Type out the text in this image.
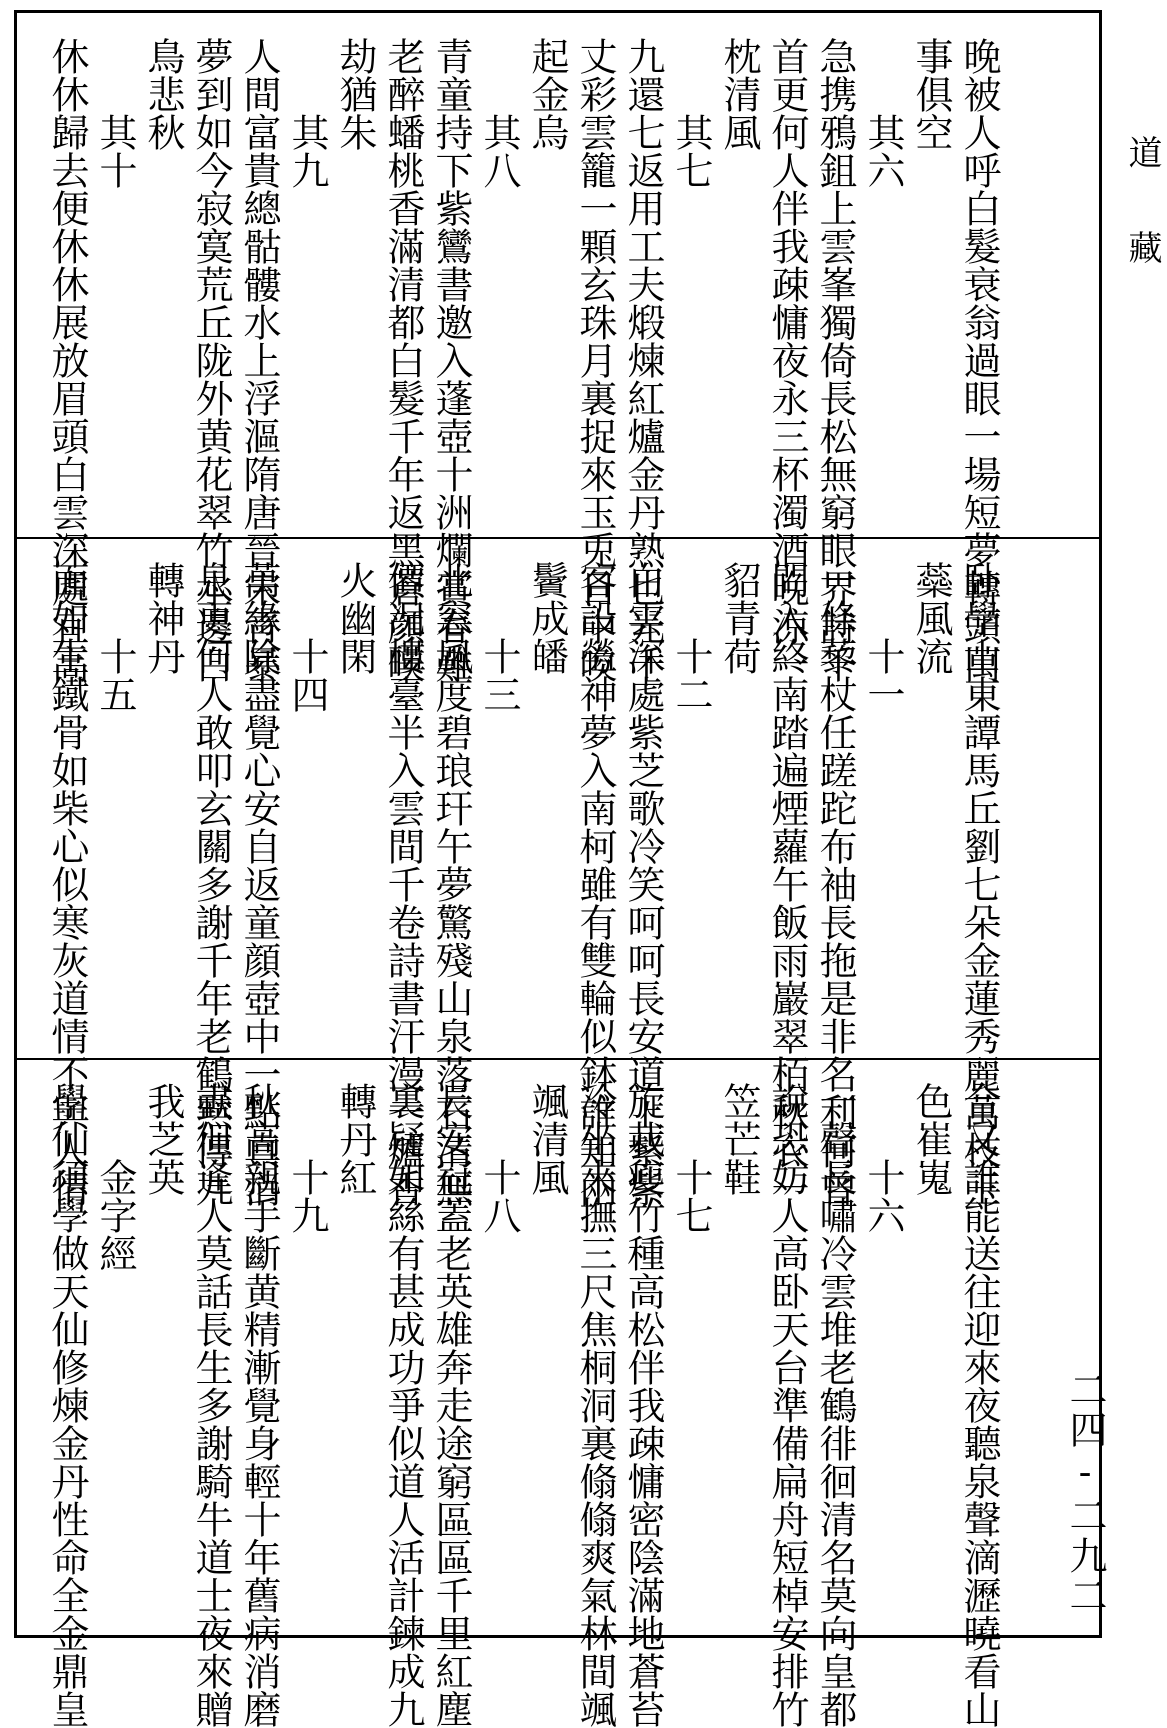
晚被人呼白髮衰翁過眼一場短夢轉頭萬
事俱空
　　其六
急携鴉鉏上雲峯獨倚長松無窮眼界詩千
首更何人伴我疎慵夜永三杯濁酒晚涼一
枕清風
　　其七
九還七返用工夫煅煉紅爐金丹熟也光千
丈彩雲籠一顆玄珠月裏捉來玉兎日中喚
起金烏
　　其八
青童持下紫鸞書邀入蓬壺十洲爛賞春難
老醉蟠桃香滿清都白髮千年返黑蒼顔暎
劫猶朱
　　其九
人間富貴總骷髏水上浮漚隋唐晉宋靑暴
夢到如今寂寞荒丘陇外黄花翠竹水邊白
鳥悲秋
　　其十
休休歸去便休休展放眉頭白雲深處宜高
卧學山東譚馬丘劉七朵金蓮秀麗萬枝玉
蘂風流
　　十一
一條藜杖任蹉跎布袖長拖是非名利何曾
問入終南踏遍煙蘿午飯雨巖翠栢秋衣一
貂青荷
　　十二
白雲深處紫芝歌冷笑呵呵長安道上紫紫
客設勞神夢入南柯雖有雙輪似鉢誰知兩
鬢成皤
　　十三
北窓風度碧琅玕午夢驚殘山泉落石清無
價况樓臺半入雲間千卷詩書汗漫一爐香
火幽閑
　　十四
萬緣除盡覺心安自返童顔壺中一點真消
息更何人敢叩玄關多謝千年老鶴黙傳九
轉神丹
　　十五
面如生鐵骨如柴心似寒灰道情不與人情
合又誰能送往迎來夜聽泉聲滴瀝曉看山
色崔嵬
　　十六
一聲長嘯冷雲堆老鶴徘徊清名莫向皇都
說恐妨人高卧天台準備扁舟短棹安排竹
笠芒鞋
　　十七
旋栽瘦竹種高松伴我疎慵密陰滿地蒼苔
冷坐來撫三尺焦桐洞裏翛翛爽氣林間颯
颯清風
　　十八
長安冠蓋老英雄奔走途窮區區千里紅塵
裏疑如絲有甚成功爭似道人活計鍊成九
轉丹紅
　　十九
秋高親手斷黄精漸覺身輕十年舊病消磨
盡但逢人莫話長生多謝騎牛道士夜來贈
我芝英
　　金字經
學仙須學做天仙修煉金丹性命全金鼎皇
道
藏
二四-二九二
